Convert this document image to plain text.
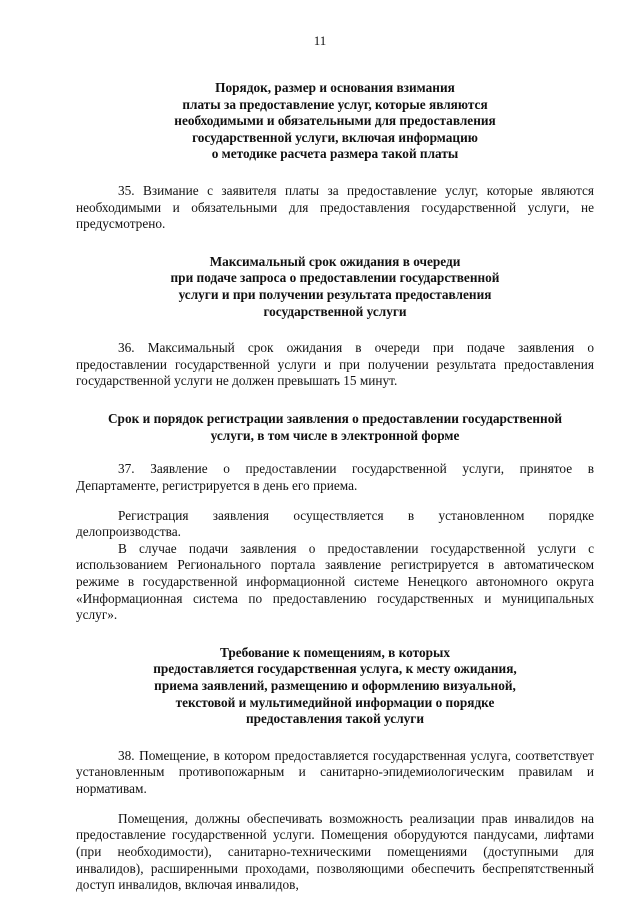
11
Порядок, размер и основания взимания
платы за предоставление услуг, которые являются
необходимыми и обязательными для предоставления
государственной услуги, включая информацию
о методике расчета размера такой платы

35. Взимание с заявителя платы за предоставление услуг, которые являются необходимыми и обязательными для предоставления государственной услуги, не предусмотрено.

Максимальный срок ожидания в очереди
при подаче запроса о предоставлении государственной
услуги и при получении результата предоставления
государственной услуги

36. Максимальный срок ожидания в очереди при подаче заявления о предоставлении государственной услуги и при получении результата предоставления государственной услуги не должен превышать 15 минут.

Срок и порядок регистрации заявления о предоставлении государственной
услуги, в том числе в электронной форме

37. Заявление о предоставлении государственной услуги, принятое в Департаменте, регистрируется в день его приема.

Регистрация заявления осуществляется в установленном порядке делопроизводства.

В случае подачи заявления о предоставлении государственной услуги с использованием Регионального портала заявление регистрируется в автоматическом режиме в государственной информационной системе Ненецкого автономного округа «Информационная система по предоставлению государственных и муниципальных услуг».

Требование к помещениям, в которых
предоставляется государственная услуга, к месту ожидания,
приема заявлений, размещению и оформлению визуальной,
текстовой и мультимедийной информации о порядке
предоставления такой услуги

38. Помещение, в котором предоставляется государственная услуга, соответствует установленным противопожарным и санитарно-эпидемиологическим правилам и нормативам.

Помещения, должны обеспечивать возможность реализации прав инвалидов на предоставление государственной услуги. Помещения оборудуются пандусами, лифтами (при необходимости), санитарно-техническими помещениями (доступными для инвалидов), расширенными проходами, позволяющими обеспечить беспрепятственный доступ инвалидов, включая инвалидов,
